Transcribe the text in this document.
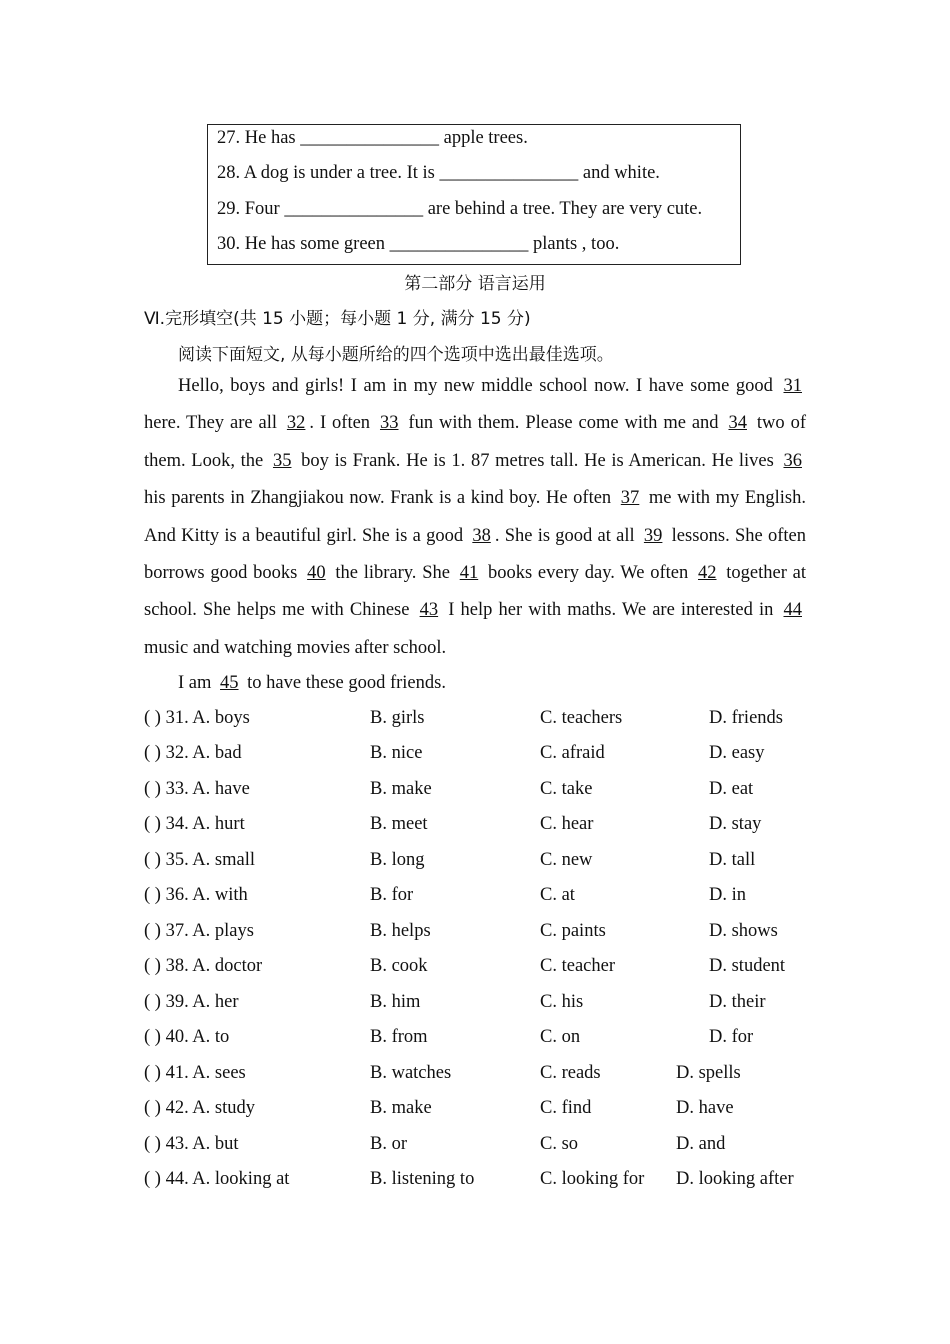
27. He has _______________ apple trees.
28. A dog is under a tree. It is _______________ and white.
29. Four _______________ are behind a tree. They are very cute.
30. He has some green _______________ plants , too.
第二部分 语言运用
Ⅵ.完形填空(共 15 小题；每小题 1 分, 满分 15 分)
阅读下面短文, 从每小题所给的四个选项中选出最佳选项。
Hello, boys and girls! I am in my new middle school now. I have some good 31 here. They are all 32 . I often 33 fun with them. Please come with me and 34 two of them. Look, the 35 boy is Frank. He is 1. 87 metres tall. He is American. He lives 36 his parents in Zhangjiakou now. Frank is a kind boy. He often 37 me with my English. And Kitty is a beautiful girl. She is a good 38 . She is good at all 39 lessons. She often borrows good books 40 the library. She 41 books every day. We often 42 together at school. She helps me with Chinese 43 I help her with maths. We are interested in 44 music and watching movies after school.
I am 45 to have these good friends.
( ) 31. A. boys	B. girls	C. teachers	D. friends
( ) 32. A. bad	B. nice	C. afraid	D. easy
( ) 33. A. have	B. make	C. take	D. eat
( ) 34. A. hurt	B. meet	C. hear	D. stay
( ) 35. A. small	B. long	C. new	D. tall
( ) 36. A. with	B. for	C. at	D. in
( ) 37. A. plays	B. helps	C. paints	D. shows
( ) 38. A. doctor	B. cook	C. teacher	D. student
( ) 39. A. her	B. him	C. his	D. their
( ) 40. A. to	B. from	C. on	D. for
( ) 41. A. sees	B. watches	C. reads	D. spells
( ) 42. A. study	B. make	C. find	D. have
( ) 43. A. but	B. or	C. so	D. and
( ) 44. A. looking at	B. listening to	C. looking for D. looking after
